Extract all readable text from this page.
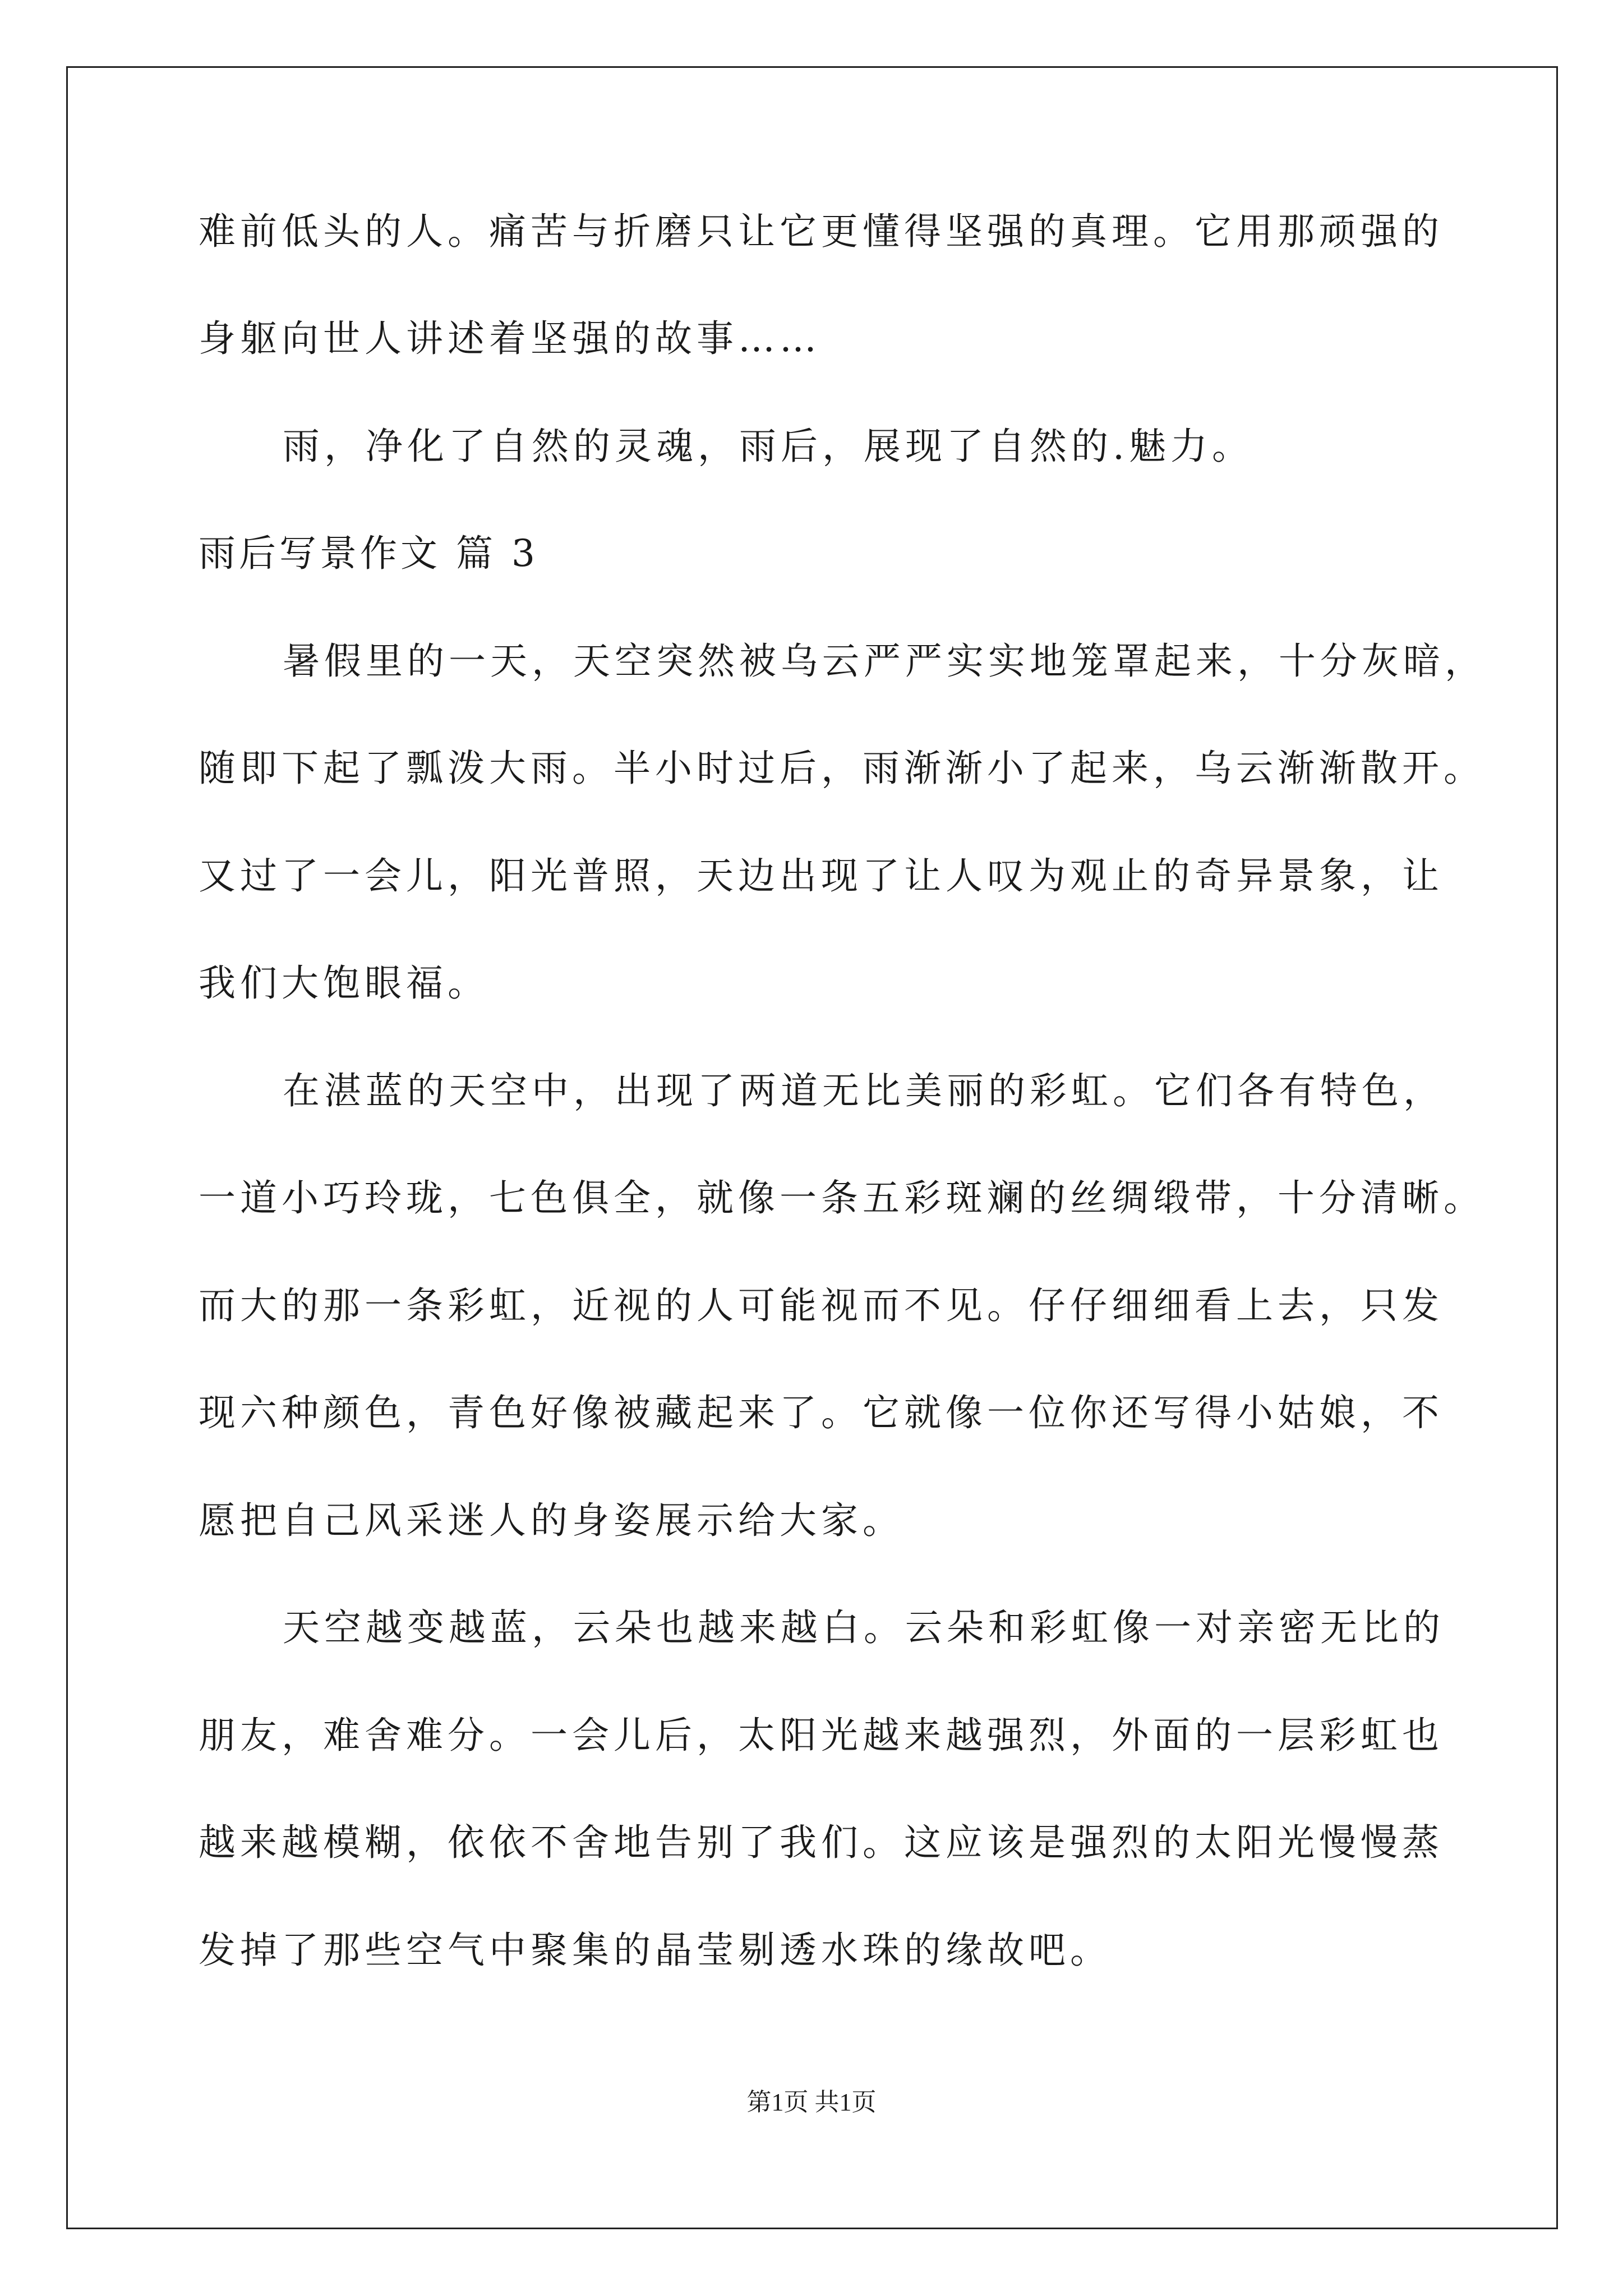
难前低头的人。痛苦与折磨只让它更懂得坚强的真理。它用那顽强的
身躯向世人讲述着坚强的故事……
雨，净化了自然的灵魂，雨后，展现了自然的.魅力。
雨后写景作文 篇 3
暑假里的一天，天空突然被乌云严严实实地笼罩起来，十分灰暗，
随即下起了瓢泼大雨。半小时过后，雨渐渐小了起来，乌云渐渐散开。
又过了一会儿，阳光普照，天边出现了让人叹为观止的奇异景象，让
我们大饱眼福。
在湛蓝的天空中，出现了两道无比美丽的彩虹。它们各有特色，
一道小巧玲珑，七色俱全，就像一条五彩斑斓的丝绸缎带，十分清晰。
而大的那一条彩虹，近视的人可能视而不见。仔仔细细看上去，只发
现六种颜色，青色好像被藏起来了。它就像一位你还写得小姑娘，不
愿把自己风采迷人的身姿展示给大家。
天空越变越蓝，云朵也越来越白。云朵和彩虹像一对亲密无比的
朋友，难舍难分。一会儿后，太阳光越来越强烈，外面的一层彩虹也
越来越模糊，依依不舍地告别了我们。这应该是强烈的太阳光慢慢蒸
发掉了那些空气中聚集的晶莹剔透水珠的缘故吧。
第1页 共1页
